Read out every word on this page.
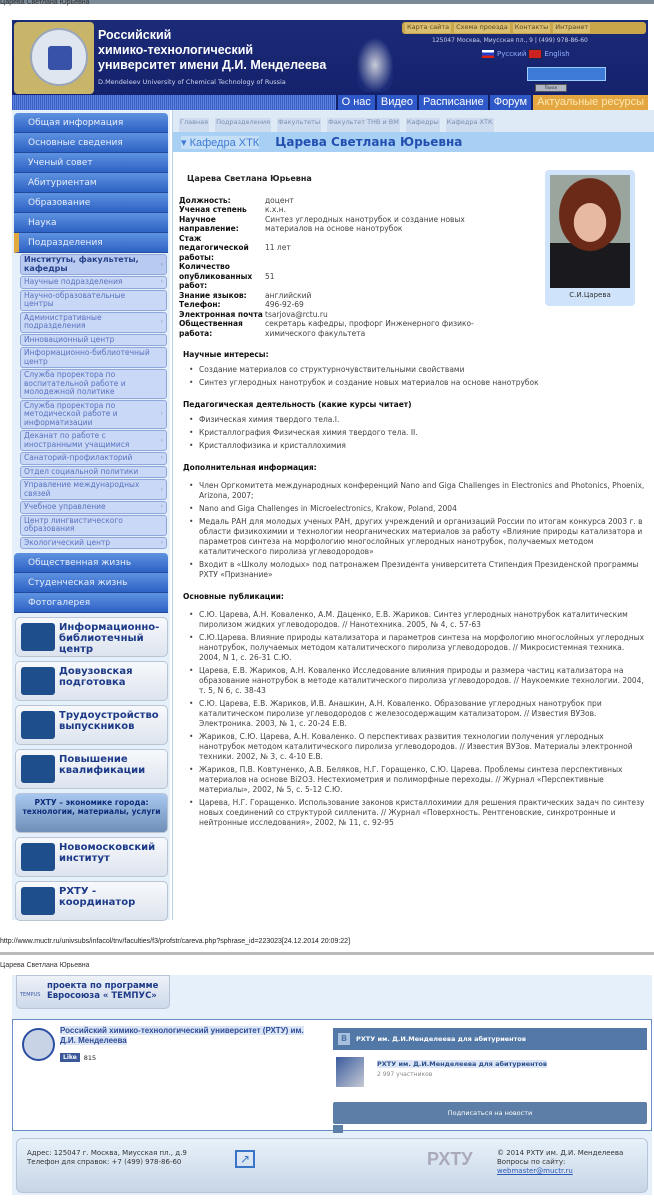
Царева Светлана Юрьевна
Российский
химико-технологический
университет имени Д.И. Менделеева
D.Mendeleev University of Chemical Technology of Russia
Карта сайта	Схема проезда	Контакты	Интранет
125047 Москва, Миусская пл., 9 | (499) 978-86-60
Русский	English
Поиск
О нас Видео Расписание Форум Актуальные ресурсы
Общая информация
Основные сведения
Ученый совет
Абитуриентам
Образование
Наука
Подразделения
Институты, факультеты, кафедры	›
Научные подразделения	›
Научно-образовательные центры
Административные подразделения	›
Инновационный центр
Информационно-библиотечный центр
Служба проректора по воспитательной работе и молодежной политике
Служба проректора по методической работе и информатизации
›
Деканат по работе с иностранными учащимися	›
Санаторий-профилакторий	›
Отдел социальной политики
Управление международных связей	›
Учебное управление	›
Центр лингвистического образования
Экологический центр	›
Общественная жизнь
Студенческая жизнь
Фотогалерея
Информационно-библиотечный центр
Довузовская подготовка
Трудоустройство выпускников
Повышение квалификации
РХТУ – экономике города: технологии, материалы, услуги
Новомосковский институт
РХТУ - координатор
Главная Подразделения Факультеты Факультет ТНВ и ВМ Кафедры Кафедра ХТК
▾ Кафедра ХТК Царева Светлана Юрьевна
С.И.Царева
Царева Светлана Юрьевна
Должность:	доцент
Ученая степень	к.х.н.
Научное направление:	Синтез углеродных нанотрубок и создание новых материалов на основе нанотрубок
Стаж педагогической работы:	11 лет
Количество опубликованных работ:	51
Знание языков:	английский
Телефон:	496-92-69
Электронная почта	tsarjova@rctu.ru
Общественная работа:	секретарь кафедры, профорг Инженерного физико-химического факультета
Научные интересы:
• Создание материалов со структурночувствительными свойствами
• Синтез углеродных нанотрубок и создание новых материалов на основе нанотрубок
Педагогическая деятельность (какие курсы читает)
• Физическая химия твердого тела.I.
• Кристаллография Физическая химия твердого тела. II.
• Кристаллофизика и кристаллохимия
Дополнительная информация:
• Член Оргкомитета международных конференций Nano and Giga Challenges in Electronics and Photonics, Phoenix, Arizona, 2007;
• Nano and Giga Challenges in Microelectronics, Krakow, Poland, 2004
• Медаль РАН для молодых ученых РАН, других учреждений и организаций России по итогам конкурса 2003 г. в области физикохимии и технологии неорганических материалов за работу «Влияние природы катализатора и параметров синтеза на морфологию многослойных углеродных нанотрубок, получаемых методом каталитического пиролиза углеводородов»
• Входит в «Школу молодых» под патронажем Президента университета Стипендия Президенской программы РХТУ «Признание»
Основные публикации:
• С.Ю. Царева, А.Н. Коваленко, А.М. Даценко, Е.В. Жариков. Синтез углеродных нанотрубок каталитическим пиролизом жидких углеводородов. // Нанотехника. 2005, № 4, с. 57-63
• С.Ю.Царева. Влияние природы катализатора и параметров синтеза на морфологию многослойных углеродных нанотрубок, получаемых методом каталитического пиролиза углеводородов. // Микросистемная техника. 2004, N 1, с. 26-31 С.Ю.
• Царева, Е.В. Жариков, А.Н. Коваленко Исследование влияния природы и размера частиц катализатора на образование нанотрубок в методе каталитического пиролиза углеводородов. // Наукоемкие технологии. 2004, т. 5, N 6, с. 38-43
• С.Ю. Царева, Е.В. Жариков, И.В. Анашкин, А.Н. Коваленко. Образование углеродных нанотрубок при каталитическом пиролизе углеводородов с железосодержащим катализатором. // Известия ВУЗов. Электроника. 2003, № 1, с. 20-24 Е.В.
• Жариков, С.Ю. Царева, А.Н. Коваленко. О перспективах развития технологии получения углеродных нанотрубок методом каталитического пиролиза углеводородов. // Известия ВУЗов. Материалы электронной техники. 2002, № 3, с. 4-10 Е.В.
• Жариков, П.В. Ковтуненко, А.В. Беляков, Н.Г. Горащенко, С.Ю. Царева. Проблемы синтеза перспективных материалов на основе Bi2O3. Нестехиометрия и полиморфные переходы. // Журнал «Перспективные материалы», 2002, № 5, с. 5-12 С.Ю.
• Царева, Н.Г. Горащенко. Использование законов кристаллохимии для решения практических задач по синтезу новых соединений со структурой силленита. // Журнал «Поверхность. Рентгеновские, синхротронные и нейтронные исследования», 2002, № 11, с. 92-95
http://www.muctr.ru/univsubs/infacol/tnv/faculties/f3/profstr/careva.php?sphrase_id=223023[24.12.2014 20:09:22]
Царева Светлана Юрьевна
TEMPUS
проекта по программе Евросоюза « ТЕМПУС»
Российский химико-технологический университет (РХТУ) им. Д.И. Менделеева
Like	815
В	РХТУ им. Д.И.Менделеева для абитуриентов
РХТУ им. Д.И.Менделеева для абитуриентов
2 997 участников
Подписаться на новости
Адрес: 125047 г. Москва, Миусская пл., д.9
Телефон для справок: +7 (499) 978-86-60	↗	РХТУ	© 2014 РХТУ им. Д.И. Менделеева
Вопросы по сайту:
webmaster@muctr.ru
